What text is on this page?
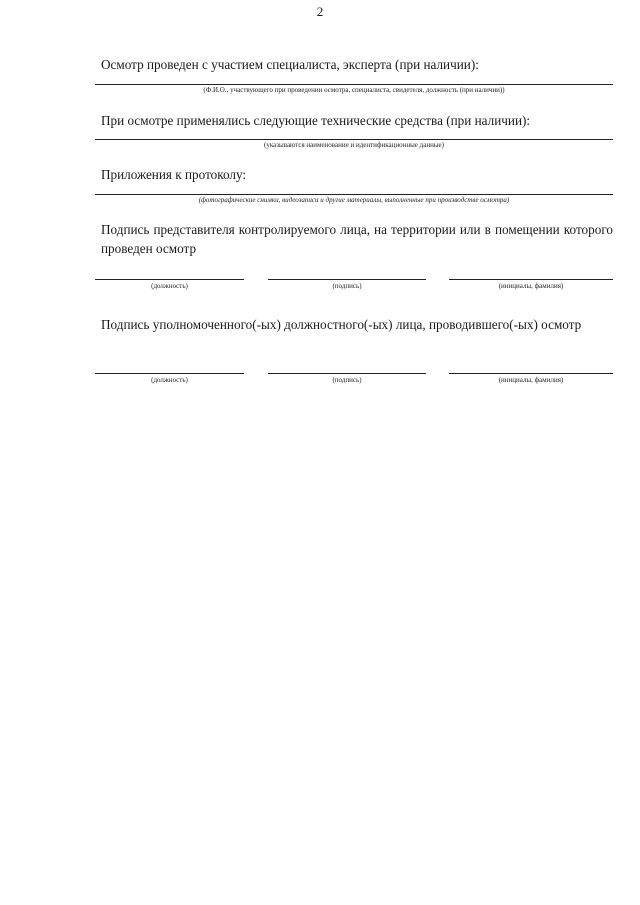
2
Осмотр проведен с участием специалиста, эксперта (при наличии):
(Ф.И.О., участвующего при проведении осмотра, специалиста, свидетеля, должность (при наличии))
При осмотре применялись следующие технические средства (при наличии):
(указываются наименование и идентификационные данные)
Приложения к протоколу:
(фотографические снимки, видеозаписи и другие материалы, выполненные при производстве осмотра)
Подпись представителя контролируемого лица, на территории или в помещении которого
проведен осмотр
(должность)	(подпись)	(инициалы, фамилия)
Подпись уполномоченного(-ых) должностного(-ых) лица, проводившего(-ых) осмотр
(должность)	(подпись)	(инициалы, фамилия)
